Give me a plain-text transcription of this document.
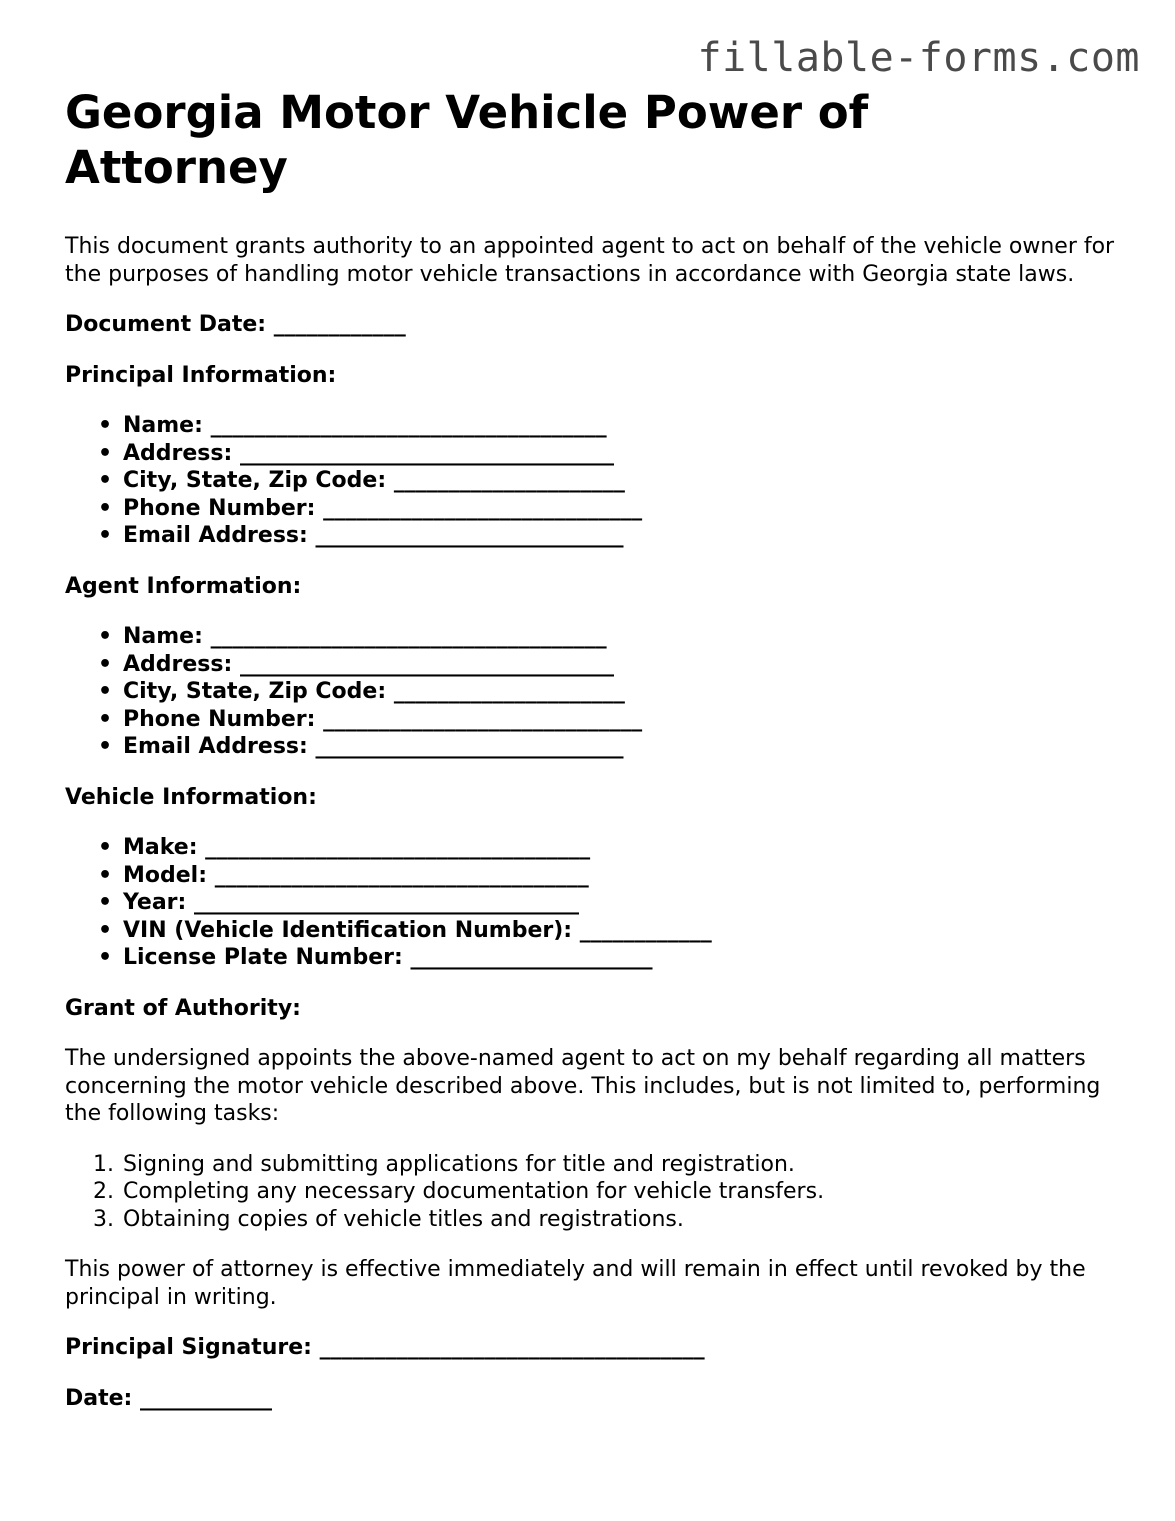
fillable-forms.com
Georgia Motor Vehicle Power of Attorney

This document grants authority to an appointed agent to act on behalf of the vehicle owner for the purposes of handling motor vehicle transactions in accordance with Georgia state laws.

Document Date: ____________

Principal Information:

• Name: ____________________________________
• Address: __________________________________
• City, State, Zip Code: _____________________
• Phone Number: _____________________________
• Email Address: ____________________________

Agent Information:

• Name: ____________________________________
• Address: __________________________________
• City, State, Zip Code: _____________________
• Phone Number: _____________________________
• Email Address: ____________________________

Vehicle Information:

• Make: ___________________________________
• Model: __________________________________
• Year: ___________________________________
• VIN (Vehicle Identification Number): ____________
• License Plate Number: ______________________

Grant of Authority:

The undersigned appoints the above-named agent to act on my behalf regarding all matters concerning the motor vehicle described above. This includes, but is not limited to, performing the following tasks:

1. Signing and submitting applications for title and registration.
2. Completing any necessary documentation for vehicle transfers.
3. Obtaining copies of vehicle titles and registrations.

This power of attorney is effective immediately and will remain in effect until revoked by the principal in writing.

Principal Signature: ___________________________________

Date: ____________
